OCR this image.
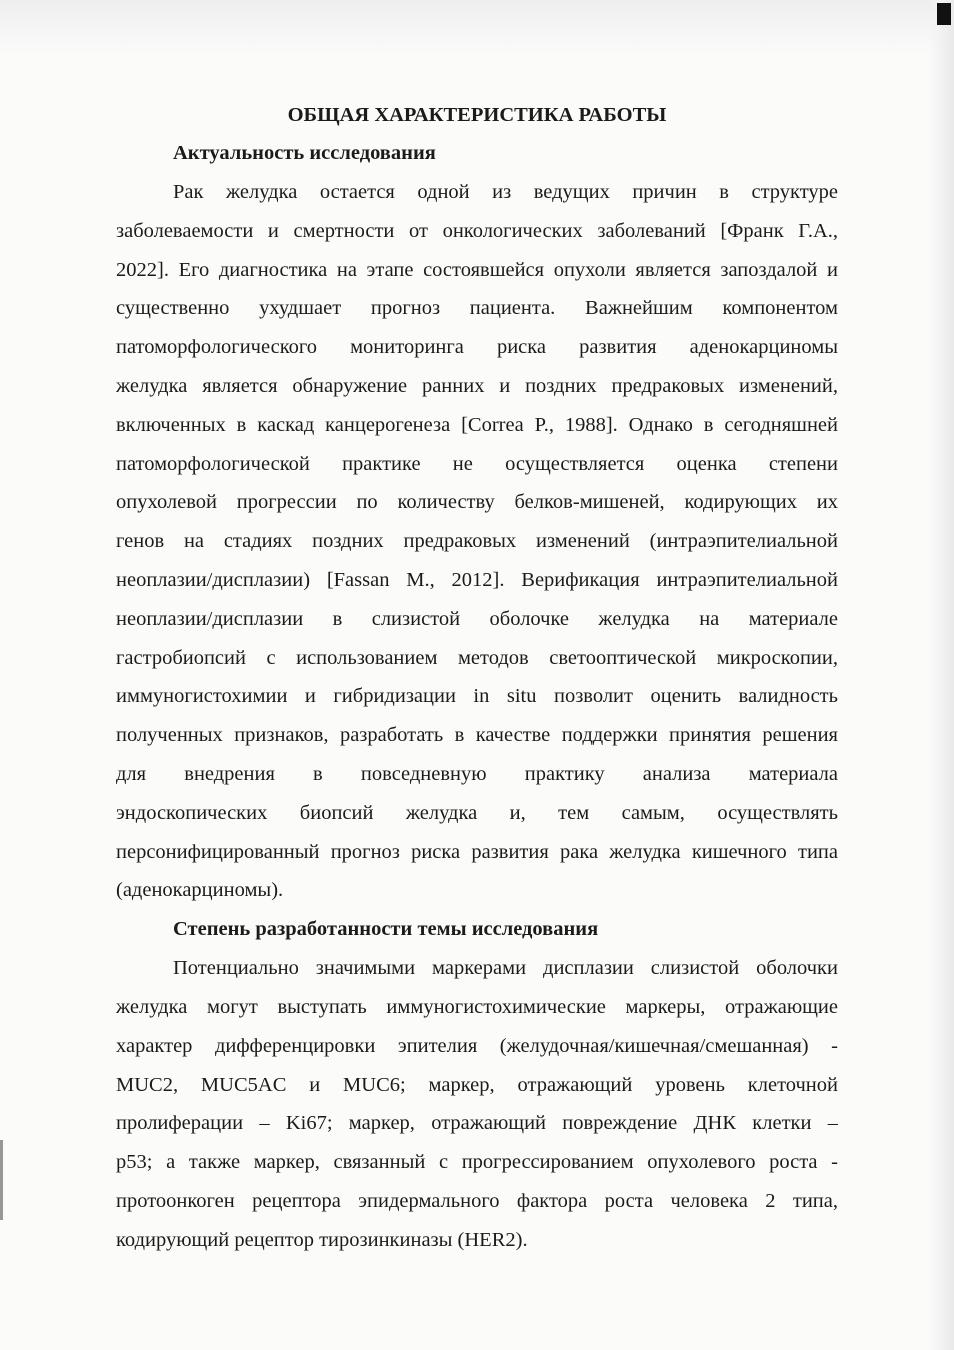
ОБЩАЯ ХАРАКТЕРИСТИКА РАБОТЫ
Актуальность исследования
Рак желудка остается одной из ведущих причин в структуре
заболеваемости и смертности от онкологических заболеваний [Франк Г.А.,
2022]. Его диагностика на этапе состоявшейся опухоли является запоздалой и
существенно ухудшает прогноз пациента. Важнейшим компонентом
патоморфологического мониторинга риска развития аденокарциномы
желудка является обнаружение ранних и поздних предраковых изменений,
включенных в каскад канцерогенеза [Correa P., 1988]. Однако в сегодняшней
патоморфологической практике не осуществляется оценка степени
опухолевой прогрессии по количеству белков-мишеней, кодирующих их
генов на стадиях поздних предраковых изменений (интраэпителиальной
неоплазии/дисплазии) [Fassan M., 2012]. Верификация интраэпителиальной
неоплазии/дисплазии в слизистой оболочке желудка на материале
гастробиопсий с использованием методов светооптической микроскопии,
иммуногистохимии и гибридизации in situ позволит оценить валидность
полученных признаков, разработать в качестве поддержки принятия решения
для внедрения в повседневную практику анализа материала
эндоскопических биопсий желудка и, тем самым, осуществлять
персонифицированный прогноз риска развития рака желудка кишечного типа
(аденокарциномы).
Степень разработанности темы исследования
Потенциально значимыми маркерами дисплазии слизистой оболочки
желудка могут выступать иммуногистохимические маркеры, отражающие
характер дифференцировки эпителия (желудочная/кишечная/смешанная) -
MUC2, MUC5AC и MUC6; маркер, отражающий уровень клеточной
пролиферации – Ki67; маркер, отражающий повреждение ДНК клетки –
p53; а также маркер, связанный с прогрессированием опухолевого роста -
протоонкоген рецептора эпидермального фактора роста человека 2 типа,
кодирующий рецептор тирозинкиназы (HER2).
